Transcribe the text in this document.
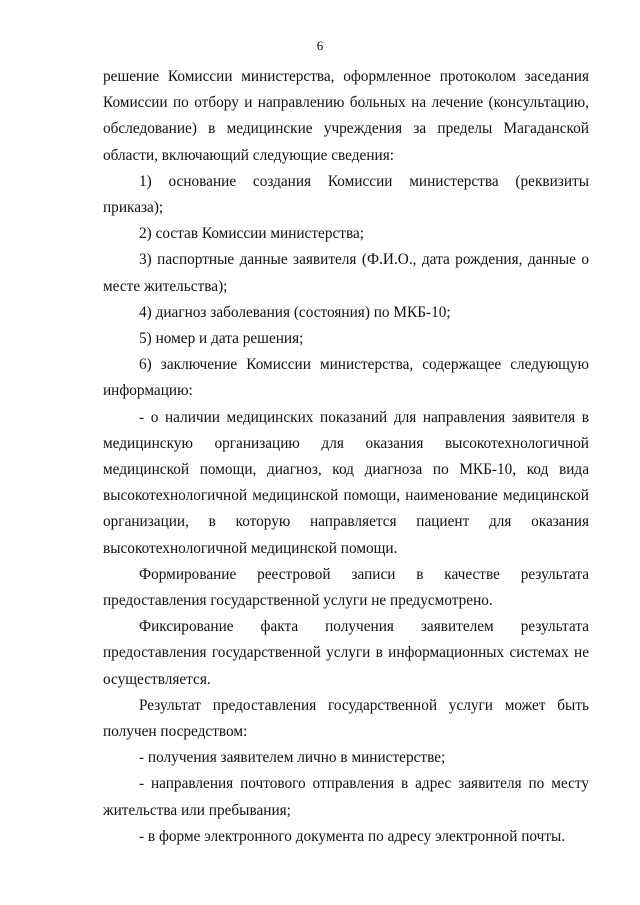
6

решение Комиссии министерства, оформленное протоколом заседания Комиссии по отбору и направлению больных на лечение (консультацию, обследование) в медицинские учреждения за пределы Магаданской области, включающий следующие сведения:

1)    основание    создания    Комиссии    министерства    (реквизиты приказа);

2) состав Комиссии министерства;

3) паспортные данные заявителя (Ф.И.О., дата рождения, данные о месте жительства);

4) диагноз заболевания (состояния) по МКБ-10;

5) номер и дата решения;

6) заключение Комиссии министерства, содержащее следующую информацию:

- о наличии медицинских показаний для направления заявителя в медицинскую организацию для оказания высокотехнологичной медицинской помощи, диагноз, код диагноза по МКБ-10, код вида высокотехнологичной медицинской помощи, наименование медицинской организации, в которую направляется пациент для оказания высокотехнологичной медицинской помощи.

Формирование реестровой записи в качестве результата предоставления государственной услуги не предусмотрено.

Фиксирование факта получения заявителем результата предоставления государственной услуги в информационных системах не осуществляется.

Результат предоставления государственной услуги может быть получен посредством:

- получения заявителем лично в министерстве;

- направления почтового отправления в адрес заявителя по месту жительства или пребывания;

- в форме электронного документа по адресу электронной почты.
